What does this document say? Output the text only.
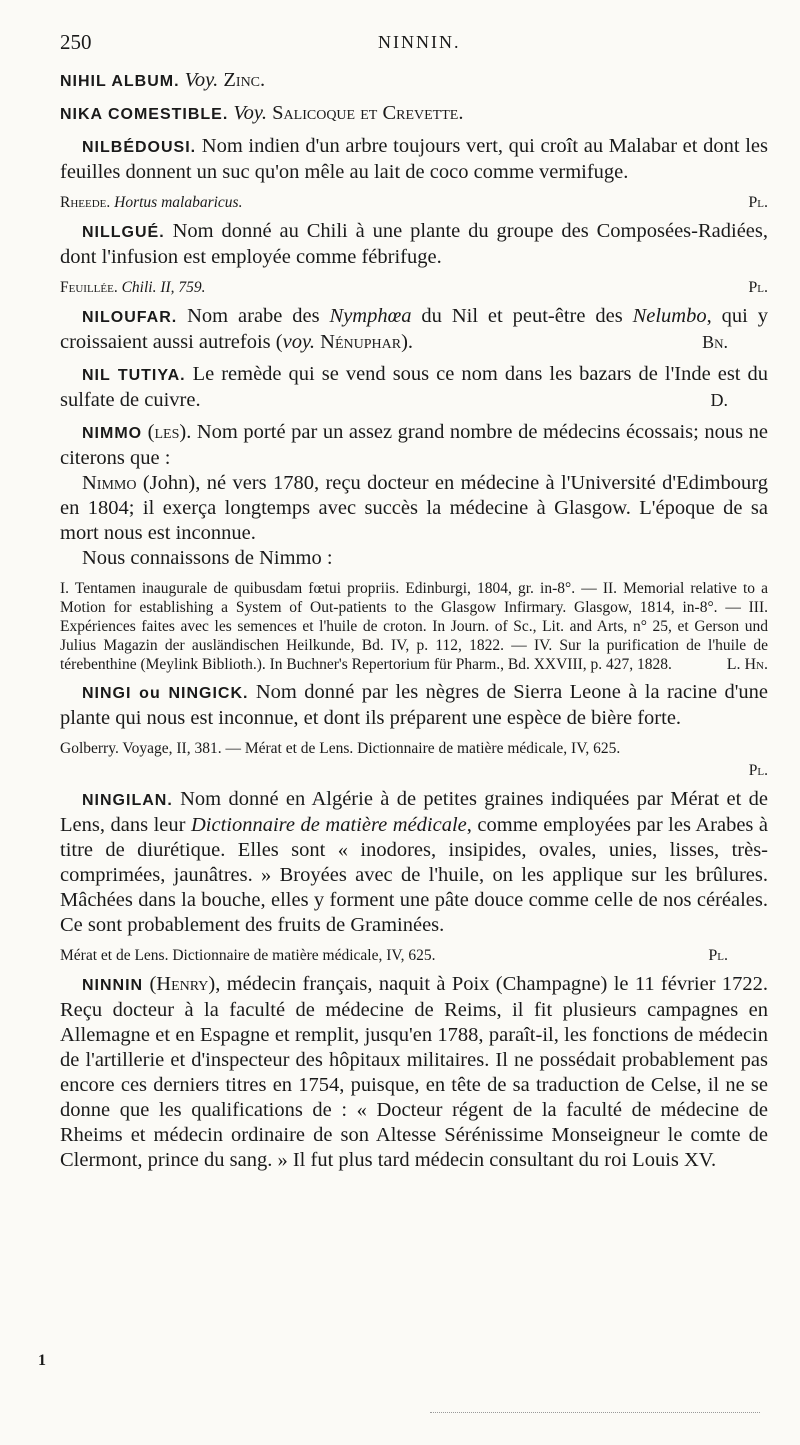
250	NINNIN.

NIHIL ALBUM. Voy. Zinc.

NIKA COMESTIBLE. Voy. Salicoque et Crevette.

NILBÉDOUSI. Nom indien d'un arbre toujours vert, qui croît au Malabar et dont les feuilles donnent un suc qu'on mêle au lait de coco comme vermifuge.

Rheede. Hortus malabaricus.	Pl.

NILLGUÉ. Nom donné au Chili à une plante du groupe des Composées-Radiées, dont l'infusion est employée comme fébrifuge.

Feuillée. Chili. II, 759.	Pl.

NILOUFAR. Nom arabe des Nymphœa du Nil et peut-être des Nelumbo, qui y croissaient aussi autrefois (voy. Nénuphar).	Bn.

NIL TUTIYA. Le remède qui se vend sous ce nom dans les bazars de l'Inde est du sulfate de cuivre.	D.

NIMMO (les). Nom porté par un assez grand nombre de médecins écossais; nous ne citerons que :

Nimmo (John), né vers 1780, reçu docteur en médecine à l'Université d'Edimbourg en 1804; il exerça longtemps avec succès la médecine à Glasgow. L'époque de sa mort nous est inconnue.

Nous connaissons de Nimmo :

I. Tentamen inaugurale de quibusdam fœtui propriis. Edinburgi, 1804, gr. in-8°. — II. Memorial relative to a Motion for establishing a System of Out-patients to the Glasgow Infirmary. Glasgow, 1814, in-8°. — III. Expériences faites avec les semences et l'huile de croton. In Journ. of Sc., Lit. and Arts, n° 25, et Gerson und Julius Magazin der ausländischen Heilkunde, Bd. IV, p. 112, 1822. — IV. Sur la purification de l'huile de térebenthine (Meylink Biblioth.). In Buchner's Repertorium für Pharm., Bd. XXVIII, p. 427, 1828.	L. Hn.

NINGI ou NINGICK. Nom donné par les nègres de Sierra Leone à la racine d'une plante qui nous est inconnue, et dont ils préparent une espèce de bière forte.

Golberry. Voyage, II, 381. — Mérat et de Lens. Dictionnaire de matière médicale, IV, 625.

Pl.

NINGILAN. Nom donné en Algérie à de petites graines indiquées par Mérat et de Lens, dans leur Dictionnaire de matière médicale, comme employées par les Arabes à titre de diurétique. Elles sont « inodores, insipides, ovales, unies, lisses, très-comprimées, jaunâtres. » Broyées avec de l'huile, on les applique sur les brûlures. Mâchées dans la bouche, elles y forment une pâte douce comme celle de nos céréales. Ce sont probablement des fruits de Graminées.

Mérat et de Lens. Dictionnaire de matière médicale, IV, 625.	Pl.

NINNIN (Henry), médecin français, naquit à Poix (Champagne) le 11 février 1722. Reçu docteur à la faculté de médecine de Reims, il fit plusieurs campagnes en Allemagne et en Espagne et remplit, jusqu'en 1788, paraît-il, les fonctions de médecin de l'artillerie et d'inspecteur des hôpitaux militaires. Il ne possédait probablement pas encore ces derniers titres en 1754, puisque, en tête de sa traduction de Celse, il ne se donne que les qualifications de : « Docteur régent de la faculté de médecine de Rheims et médecin ordinaire de son Altesse Sérénissime Monseigneur le comte de Clermont, prince du sang. » Il fut plus tard médecin consultant du roi Louis XV.

1
